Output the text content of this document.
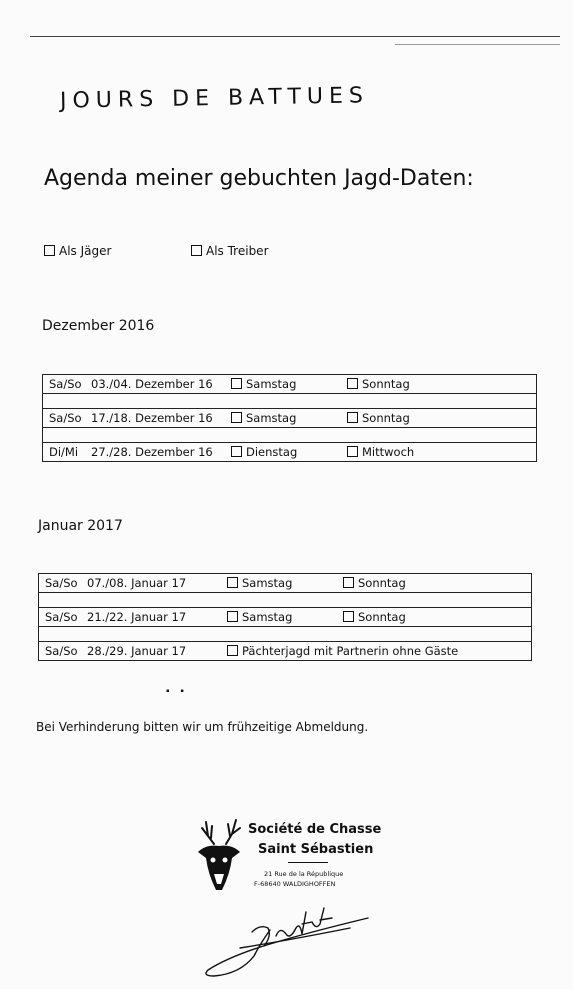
JOURS DE BATTUES
Agenda meiner gebuchten Jagd-Daten:
Als Jäger	Als Treiber
Dezember 2016
Sa/So 03./04. Dezember 16	Samstag	Sonntag

Sa/So 17./18. Dezember 16	Samstag	Sonntag

Di/Mi 27./28. Dezember 16	Dienstag	Mittwoch
Januar 2017
Sa/So 07./08. Januar 17	Samstag	Sonntag

Sa/So 21./22. Januar 17	Samstag	Sonntag

Sa/So 28./29. Januar 17	Pächterjagd mit Partnerin ohne Gäste
▪ ▪
Bei Verhinderung bitten wir um frühzeitige Abmeldung.
Société de Chasse
Saint Sébastien
21 Rue de la République
F-68640 WALDIGHOFFEN
